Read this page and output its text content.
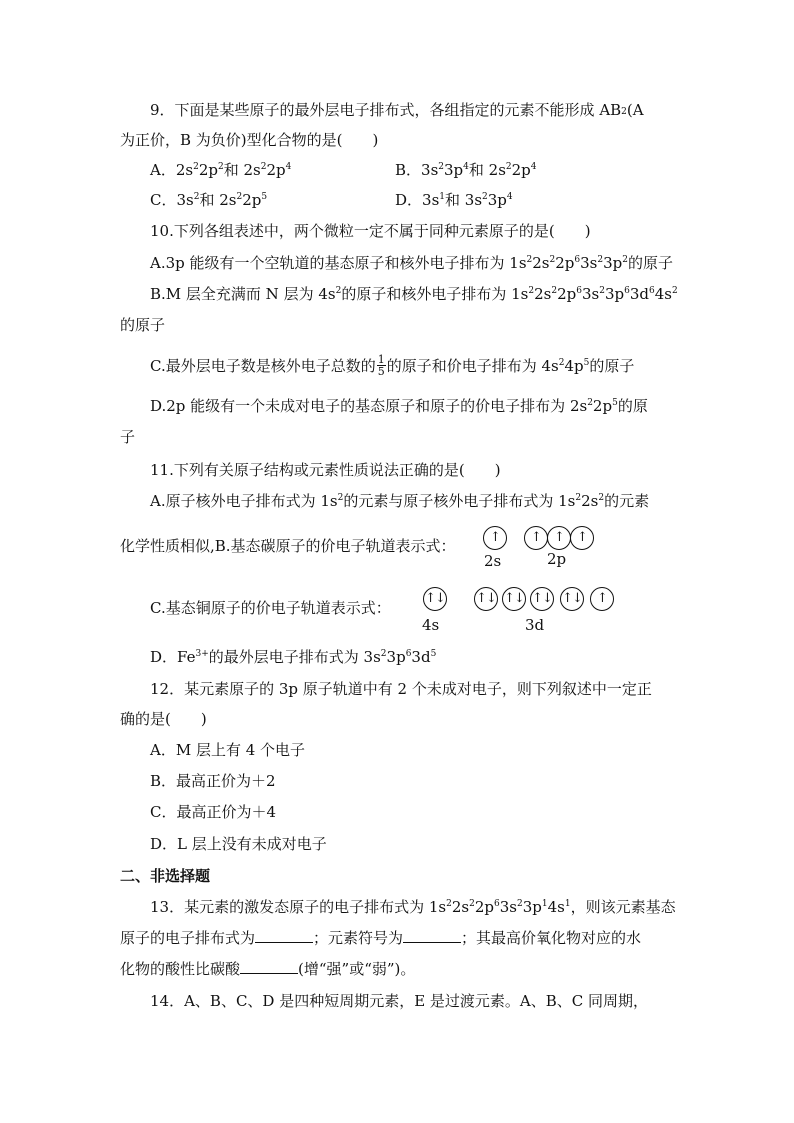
9．下面是某些原子的最外层电子排布式，各组指定的元素不能形成 $AB_2(A$
为正价，B 为负价)型化合物的是(　　)
A．$2s^22p^2$和 $2s^22p^4$	B．$3s^23p^4$和 $2s^22p^4$
C．$3s^2$和 $2s^22p^5$	D．$3s^1$和 $3s^23p^4$
10.下列各组表述中，两个微粒一定不属于同种元素原子的是(　　)
A.3p 能级有一个空轨道的基态原子和核外电子排布为 $1s^22s^22p^63s^23p^2$的原子
B.M 层全充满而 N 层为 $4s^2$的原子和核外电子排布为 $1s^22s^22p^63s^23p^63d^64s^2$
的原子
C.最外层电子数是核外电子总数的 $\frac{1}{5}$ 的原子和价电子排布为 $4s^24p^5$的原子
D.2p 能级有一个未成对电子的基态原子和原子的价电子排布为 $2s^22p^5$的原
子
11.下列有关原子结构或元素性质说法正确的是(　　)
A.原子核外电子排布式为 $1s^2$的元素与原子核外电子排布式为 $1s^22s^2$的元素
化学性质相似,B.基态碳原子的价电子轨道表示式：	↑	↑	↑	↑
2s	2p
C.基态铜原子的价电子轨道表示式：
↑↓ ↑↓ ↑↓ ↑↓ ↑↓	↑
4s	3d
D．$Fe^{3+}$的最外层电子排布式为 $3s^23p^63d^5$
12．某元素原子的 3p 原子轨道中有 2 个未成对电子，则下列叙述中一定正
确的是(　　)
A．M 层上有 4 个电子
B．最高正价为＋2
C．最高正价为＋4
D．L 层上没有未成对电子
二、非选择题
13．某元素的激发态原子的电子排布式为 $1s^22s^22p^63s^23p^14s^1$，则该元素基态
原子的电子排布式为	；元素符号为	；其最高价氧化物对应的水
化物的酸性比碳酸	(增“强”或“弱”)。
14．A、B、C、D 是四种短周期元素，E 是过渡元素。A、B、C 同周期，
